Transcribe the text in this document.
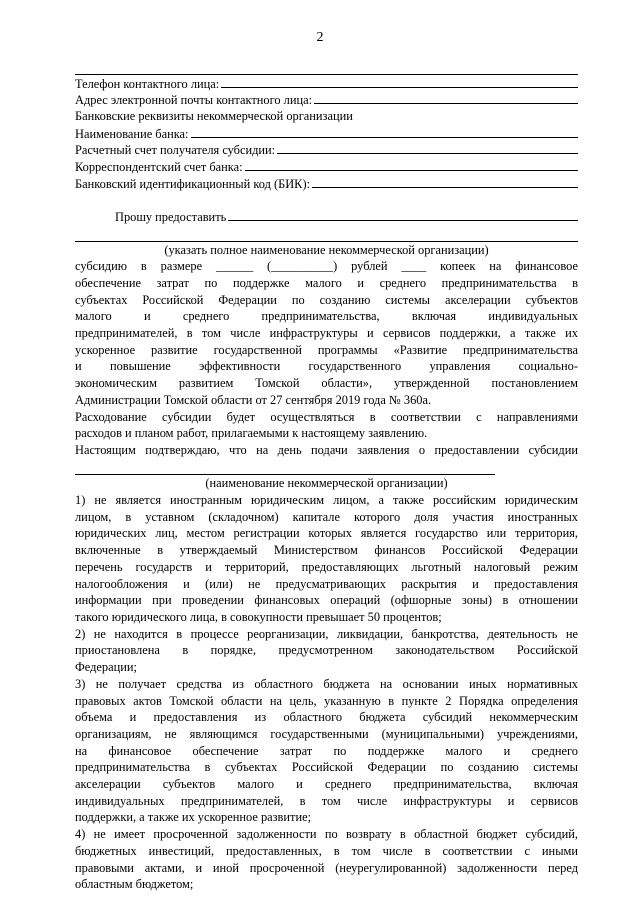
2
Телефон контактного лица:
Адрес электронной почты контактного лица:
Банковские реквизиты некоммерческой организации
Наименование банка:
Расчетный счет получателя субсидии:
Корреспондентский счет банка:
Банковский идентификационный код (БИК):
Прошу предоставить
(указать полное наименование некоммерческой организации)
субсидию в размере ______ (__________) рублей ____ копеек на финансовое
обеспечение затрат по поддержке малого и среднего предпринимательства в
субъектах Российской Федерации по созданию системы акселерации субъектов
малого и среднего предпринимательства, включая индивидуальных
предпринимателей, в том числе инфраструктуры и сервисов поддержки, а также их
ускоренное развитие государственной программы «Развитие предпринимательства
и повышение эффективности государственного управления социально-
экономическим развитием Томской области», утвержденной постановлением
Администрации Томской области от 27 сентября 2019 года № 360а.
Расходование субсидии будет осуществляться в соответствии с направлениями
расходов и планом работ, прилагаемыми к настоящему заявлению.
Настоящим подтверждаю, что на день подачи заявления о предоставлении субсидии
(наименование некоммерческой организации)
1) не является иностранным юридическим лицом, а также российским юридическим
лицом, в уставном (складочном) капитале которого доля участия иностранных
юридических лиц, местом регистрации которых является государство или территория,
включенные в утверждаемый Министерством финансов Российской Федерации
перечень государств и территорий, предоставляющих льготный налоговый режим
налогообложения и (или) не предусматривающих раскрытия и предоставления
информации при проведении финансовых операций (офшорные зоны) в отношении
такого юридического лица, в совокупности превышает 50 процентов;
2) не находится в процессе реорганизации, ликвидации, банкротства, деятельность не
приостановлена в порядке, предусмотренном законодательством Российской
Федерации;
3) не получает средства из областного бюджета на основании иных нормативных
правовых актов Томской области на цель, указанную в пункте 2 Порядка определения
объема и предоставления из областного бюджета субсидий некоммерческим
организациям, не являющимся государственными (муниципальными) учреждениями,
на финансовое обеспечение затрат по поддержке малого и среднего
предпринимательства в субъектах Российской Федерации по созданию системы
акселерации субъектов малого и среднего предпринимательства, включая
индивидуальных предпринимателей, в том числе инфраструктуры и сервисов
поддержки, а также их ускоренное развитие;
4) не имеет просроченной задолженности по возврату в областной бюджет субсидий,
бюджетных инвестиций, предоставленных, в том числе в соответствии с иными
правовыми актами, и иной просроченной (неурегулированной) задолженности перед
областным бюджетом;
